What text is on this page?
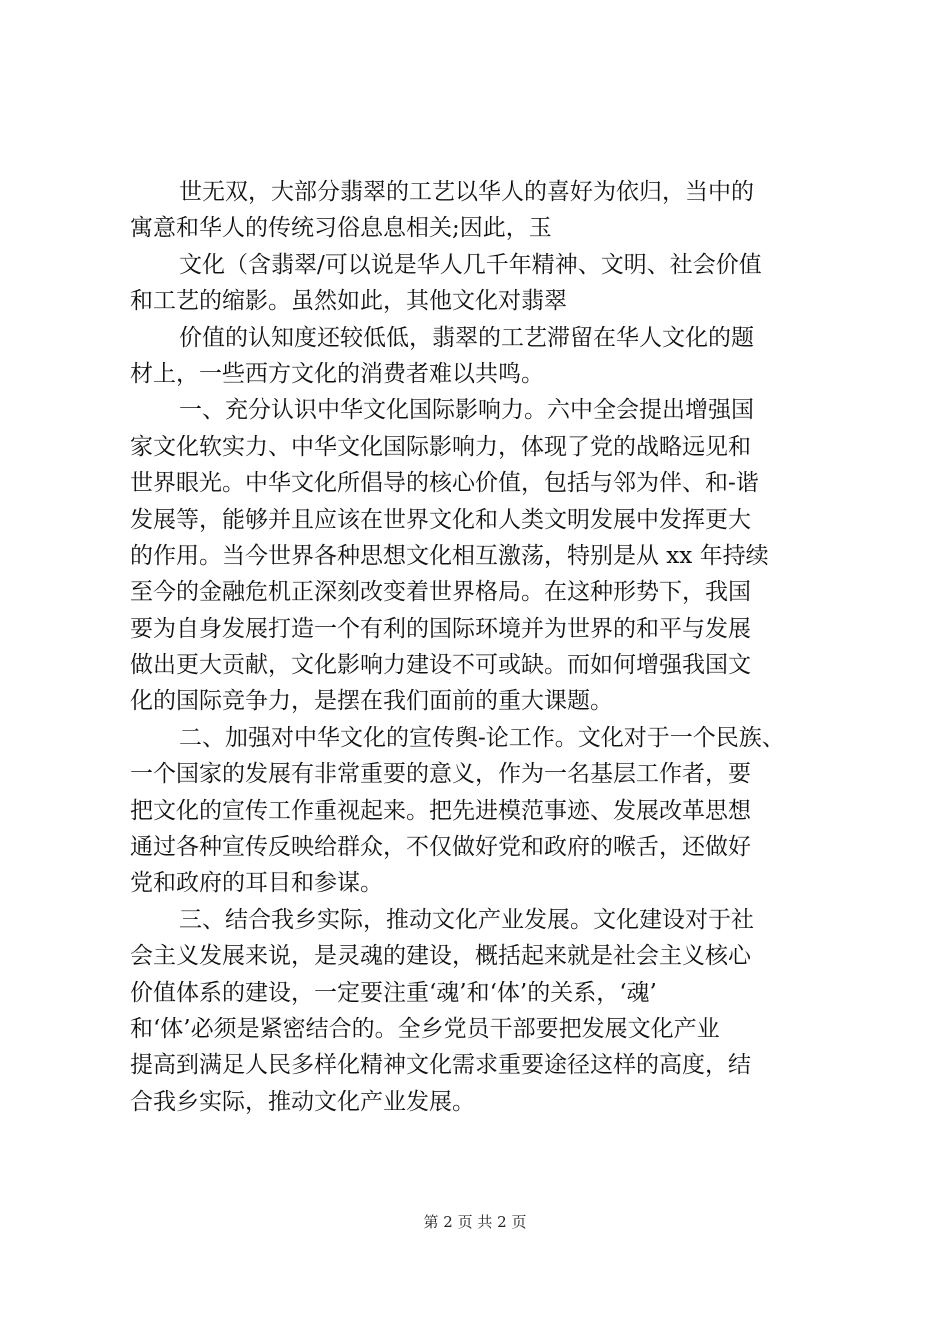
世无双，大部分翡翠的工艺以华人的喜好为依归，当中的
寓意和华人的传统习俗息息相关;因此，玉
文化（含翡翠/可以说是华人几千年精神、文明、社会价值
和工艺的缩影。虽然如此，其他文化对翡翠
价值的认知度还较低低，翡翠的工艺滞留在华人文化的题
材上，一些西方文化的消费者难以共鸣。
一、充分认识中华文化国际影响力。六中全会提出增强国
家文化软实力、中华文化国际影响力，体现了党的战略远见和
世界眼光。中华文化所倡导的核心价值，包括与邻为伴、和-谐
发展等，能够并且应该在世界文化和人类文明发展中发挥更大
的作用。当今世界各种思想文化相互激荡，特别是从 xx 年持续
至今的金融危机正深刻改变着世界格局。在这种形势下，我国
要为自身发展打造一个有利的国际环境并为世界的和平与发展
做出更大贡献，文化影响力建设不可或缺。而如何增强我国文
化的国际竞争力，是摆在我们面前的重大课题。
二、加强对中华文化的宣传舆-论工作。文化对于一个民族、
一个国家的发展有非常重要的意义，作为一名基层工作者，要
把文化的宣传工作重视起来。把先进模范事迹、发展改革思想
通过各种宣传反映给群众，不仅做好党和政府的喉舌，还做好
党和政府的耳目和参谋。
三、结合我乡实际，推动文化产业发展。文化建设对于社
会主义发展来说，是灵魂的建设，概括起来就是社会主义核心
价值体系的建设，一定要注重‘魂’和‘体’的关系，‘魂’
和‘体’必须是紧密结合的。全乡党员干部要把发展文化产业
提高到满足人民多样化精神文化需求重要途径这样的高度，结
合我乡实际，推动文化产业发展。
第 2 页 共 2 页
